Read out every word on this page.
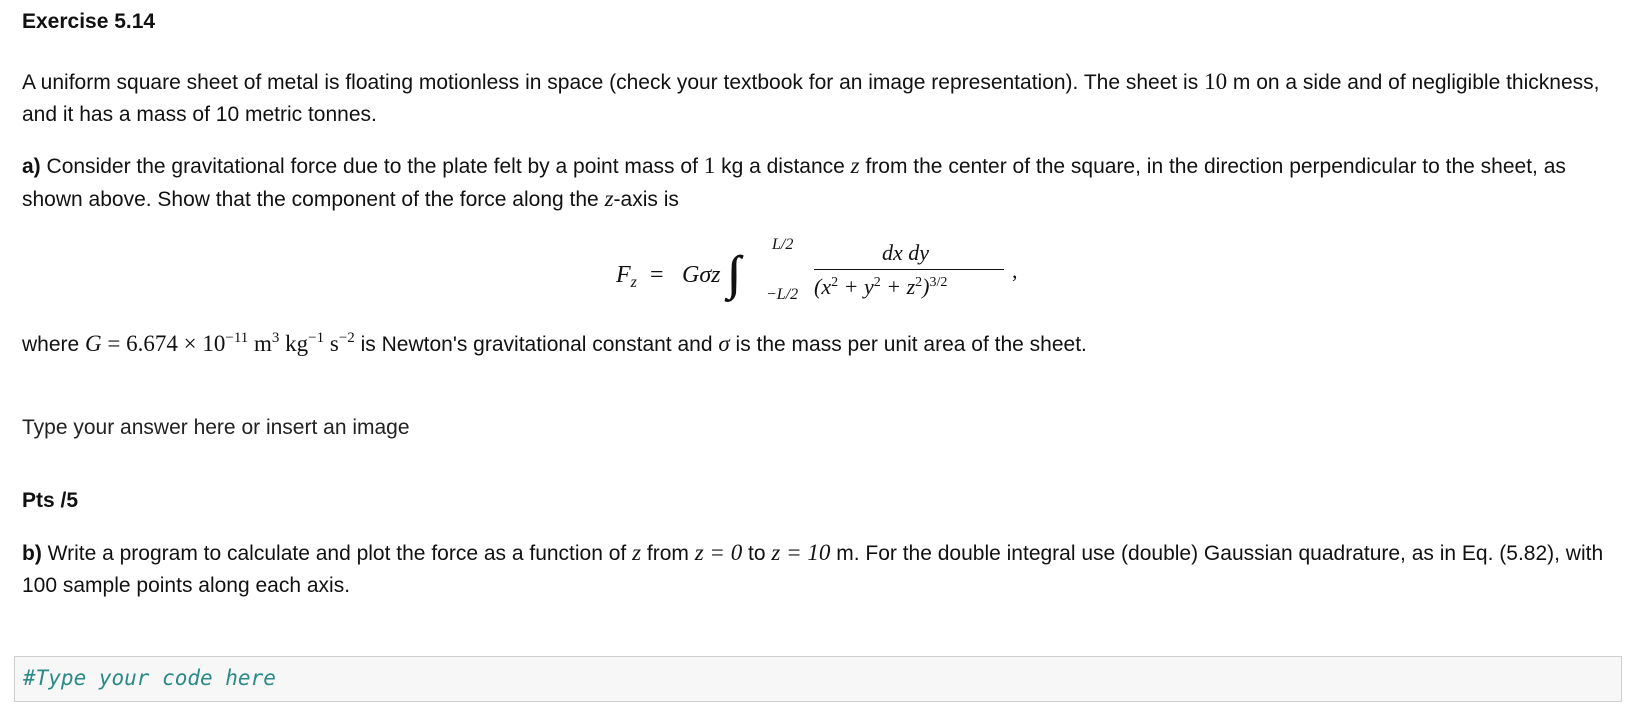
Exercise 5.14
A uniform square sheet of metal is floating motionless in space (check your textbook for an image representation). The sheet is 10 m on a side and of negligible thickness, and it has a mass of 10 metric tonnes.
a) Consider the gravitational force due to the plate felt by a point mass of 1 kg a distance z from the center of the square, in the direction perpendicular to the sheet, as shown above. Show that the component of the force along the z-axis is
$F_z = G\sigma z$
L/2
−L/2
dx dy
$(x^2 + y^2 + z^2)^{3/2}$	,
where $G = 6.674 \times 10^{-11}$ $m^3$ $kg^{-1}$ $s^{-2}$ is Newton's gravitational constant and σ is the mass per unit area of the sheet.
Type your answer here or insert an image
Pts /5
b) Write a program to calculate and plot the force as a function of z from z = 0 to z = 10 m. For the double integral use (double) Gaussian quadrature, as in Eq. (5.82), with 100 sample points along each axis.
#Type your code here
